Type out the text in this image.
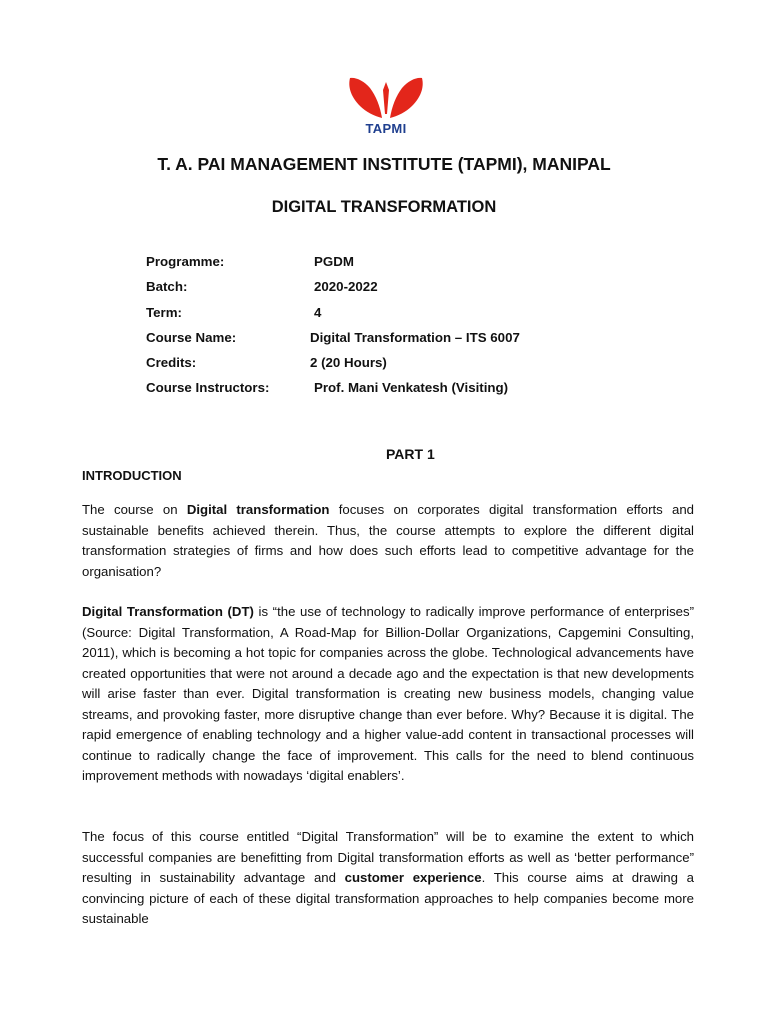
TAPMI
T. A. PAI MANAGEMENT INSTITUTE (TAPMI), MANIPAL
DIGITAL TRANSFORMATION
Programme:	PGDM
Batch:	2020-2022
Term:	4
Course Name:	Digital Transformation – ITS 6007
Credits:	2 (20 Hours)
Course Instructors:	Prof. Mani Venkatesh (Visiting)
PART 1
INTRODUCTION

The course on Digital transformation focuses on corporates digital transformation efforts and sustainable benefits achieved therein. Thus, the course attempts to explore the different digital transformation strategies of firms and how does such efforts lead to competitive advantage for the organisation?

Digital Transformation (DT) is “the use of technology to radically improve performance of enterprises” (Source: Digital Transformation, A Road-Map for Billion-Dollar Organizations, Capgemini Consulting, 2011), which is becoming a hot topic for companies across the globe. Technological advancements have created opportunities that were not around a decade ago and the expectation is that new developments will arise faster than ever. Digital transformation is creating new business models, changing value streams, and provoking faster, more disruptive change than ever before. Why? Because it is digital. The rapid emergence of enabling technology and a higher value-add content in transactional processes will continue to radically change the face of improvement. This calls for the need to blend continuous improvement methods with nowadays ‘digital enablers’.

The focus of this course entitled “Digital Transformation” will be to examine the extent to which successful companies are benefitting from Digital transformation efforts as well as ‘better performance” resulting in sustainability advantage and customer experience. This course aims at drawing a convincing picture of each of these digital transformation approaches to help companies become more sustainable
